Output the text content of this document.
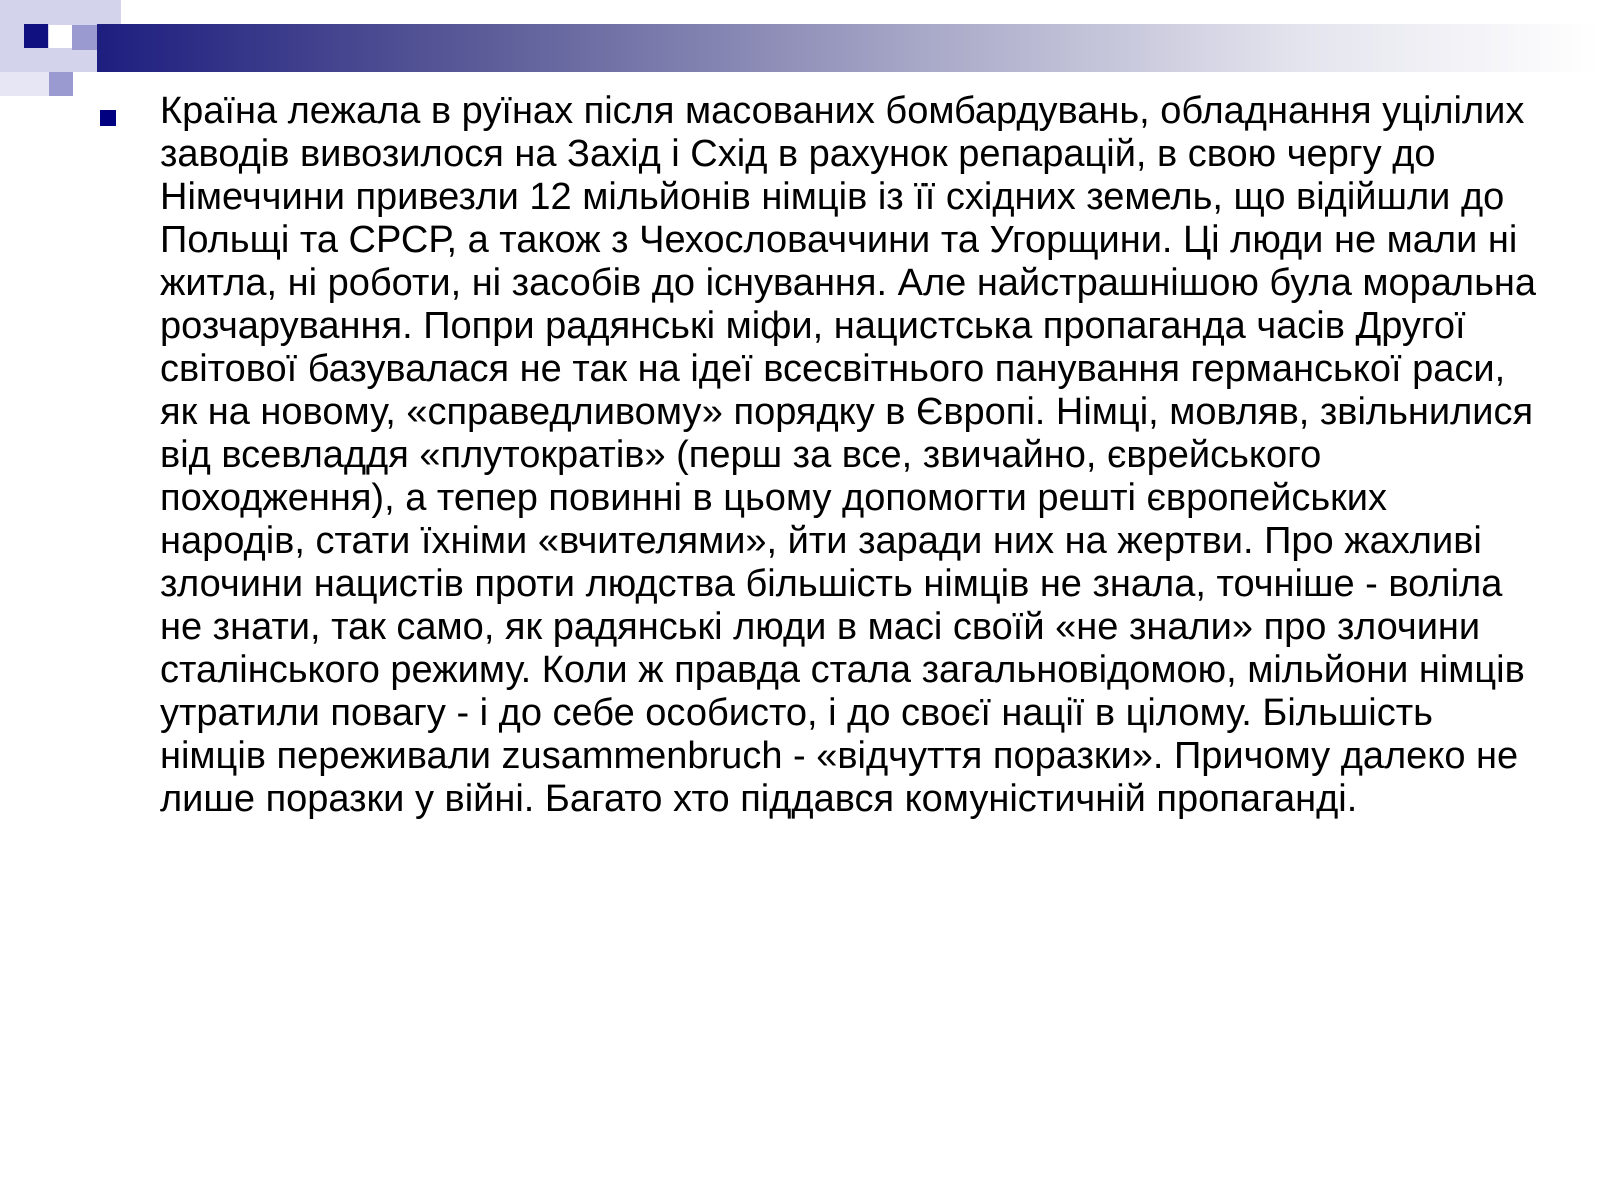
Країна лежала в руїнах після масованих бомбардувань, обладнання уцілілих заводів вивозилося на Захід і Схід в рахунок репарацій, в свою чергу до Німеччини привезли 12 мільйонів німців із її східних земель, що відійшли до Польщі та СРСР, а також з Чехословаччини та Угорщини. Ці люди не мали ні житла, ні роботи, ні засобів до існування. Але найстрашнішою була моральна розчарування. Попри радянські міфи, нацистська пропаганда часів Другої світової базувалася не так на ідеї всесвітнього панування германської раси, як на новому, «справедливому» порядку в Європі. Німці, мовляв, звільнилися від всевладдя «плутократів» (перш за все, звичайно, єврейського походження), а тепер повинні в цьому допомогти решті європейських народів, стати їхніми «вчителями», йти заради них на жертви. Про жахливі злочини нацистів проти людства більшість німців не знала, точніше - воліла не знати, так само, як радянські люди в масі своїй «не знали» про злочини сталінського режиму. Коли ж правда стала загальновідомою, мільйони німців утратили повагу - і до себе особисто, і до своєї нації в цілому. Більшість німців переживали zusammenbruch - «відчуття поразки». Причому далеко не лише поразки у війні. Багато хто піддався комуністичній пропаганді.
